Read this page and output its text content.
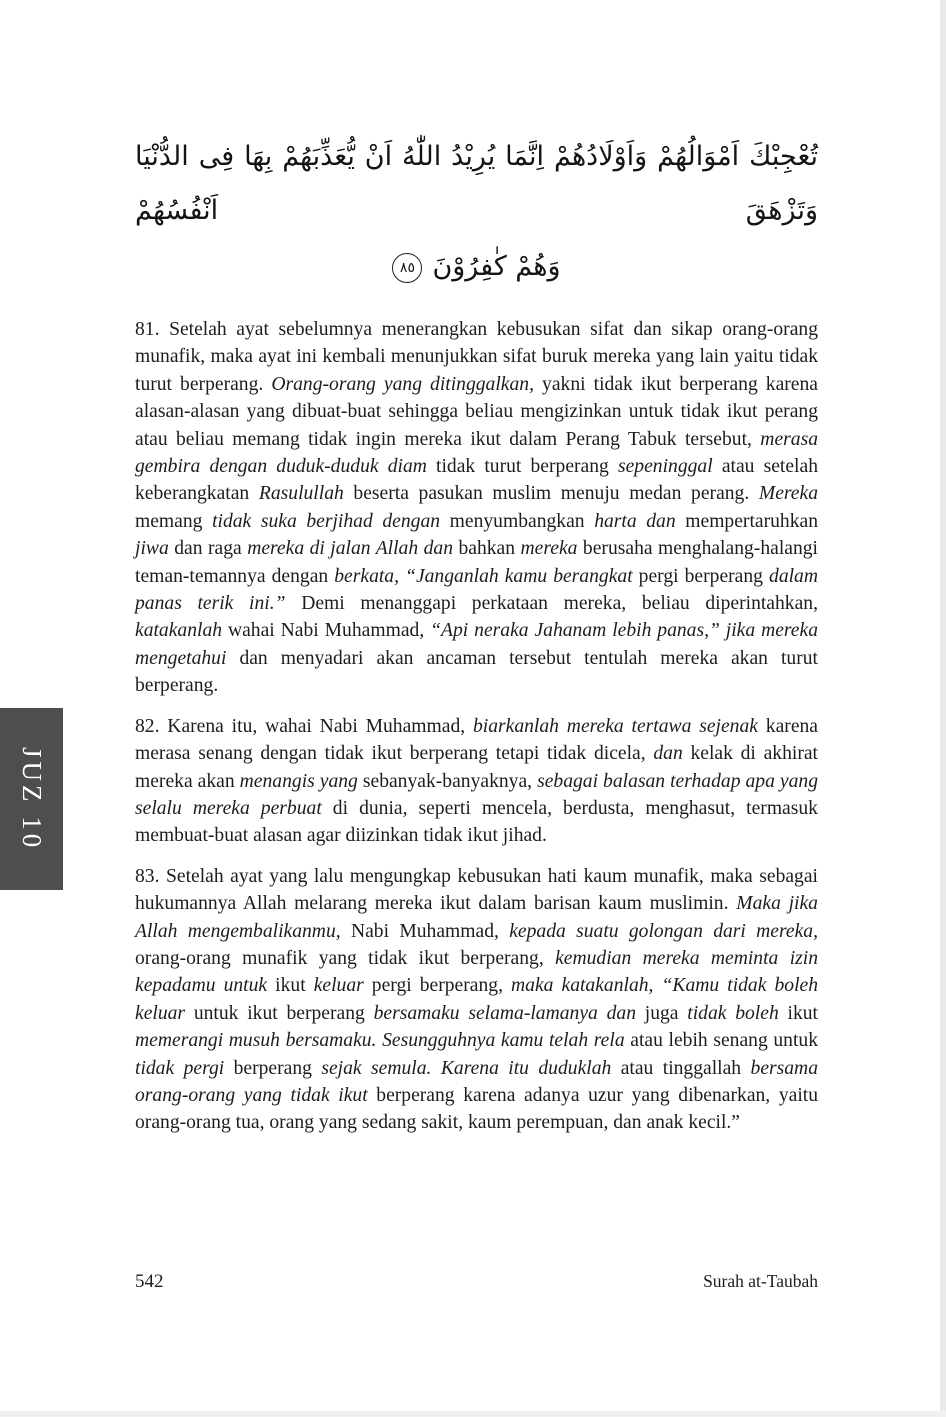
JUZ 10
تُعْجِبْكَ اَمْوَالُهُمْ وَاَوْلَادُهُمْ اِنَّمَا يُرِيْدُ اللّٰهُ اَنْ يُّعَذِّبَهُمْ بِهَا فِى الدُّنْيَا وَتَزْهَقَ اَنْفُسُهُمْ
وَهُمْ كٰفِرُوْنَ
٨٥

81. Setelah ayat sebelumnya menerangkan kebusukan sifat dan sikap orang-orang munafik, maka ayat ini kembali menunjukkan sifat buruk mereka yang lain yaitu tidak turut berperang. Orang-orang yang ditinggalkan, yakni tidak ikut berperang karena alasan-alasan yang dibuat-buat sehingga beliau mengizinkan untuk tidak ikut perang atau beliau memang tidak ingin mereka ikut dalam Perang Tabuk tersebut, merasa gembira dengan duduk-duduk diam tidak turut berperang sepeninggal atau setelah keberangkatan Rasulullah beserta pasukan muslim menuju medan perang. Mereka memang tidak suka berjihad dengan menyumbangkan harta dan mempertaruhkan jiwa dan raga mereka di jalan Allah dan bahkan mereka berusaha menghalang-halangi teman-temannya dengan berkata, “Janganlah kamu berangkat pergi berperang dalam panas terik ini.” Demi menanggapi perkataan mereka, beliau diperintahkan, katakanlah wahai Nabi Muhammad, “Api neraka Jahanam lebih panas,” jika mereka mengetahui dan menyadari akan ancaman tersebut tentulah mereka akan turut berperang.

82. Karena itu, wahai Nabi Muhammad, biarkanlah mereka tertawa sejenak karena merasa senang dengan tidak ikut berperang tetapi tidak dicela, dan kelak di akhirat mereka akan menangis yang sebanyak-banyaknya, sebagai balasan terhadap apa yang selalu mereka perbuat di dunia, seperti mencela, berdusta, menghasut, termasuk membuat-buat alasan agar diizinkan tidak ikut jihad.

83. Setelah ayat yang lalu mengungkap kebusukan hati kaum munafik, maka sebagai hukumannya Allah melarang mereka ikut dalam barisan kaum muslimin. Maka jika Allah mengembalikanmu, Nabi Muhammad, kepada suatu golongan dari mereka, orang-orang munafik yang tidak ikut berperang, kemudian mereka meminta izin kepadamu untuk ikut keluar pergi berperang, maka katakanlah, “Kamu tidak boleh keluar untuk ikut berperang bersamaku selama-lamanya dan juga tidak boleh ikut memerangi musuh bersamaku. Sesungguhnya kamu telah rela atau lebih senang untuk tidak pergi berperang sejak semula. Karena itu duduklah atau tinggallah bersama orang-orang yang tidak ikut berperang karena adanya uzur yang dibenarkan, yaitu orang-orang tua, orang yang sedang sakit, kaum perempuan, dan anak kecil.”

542	Surah at-Taubah
